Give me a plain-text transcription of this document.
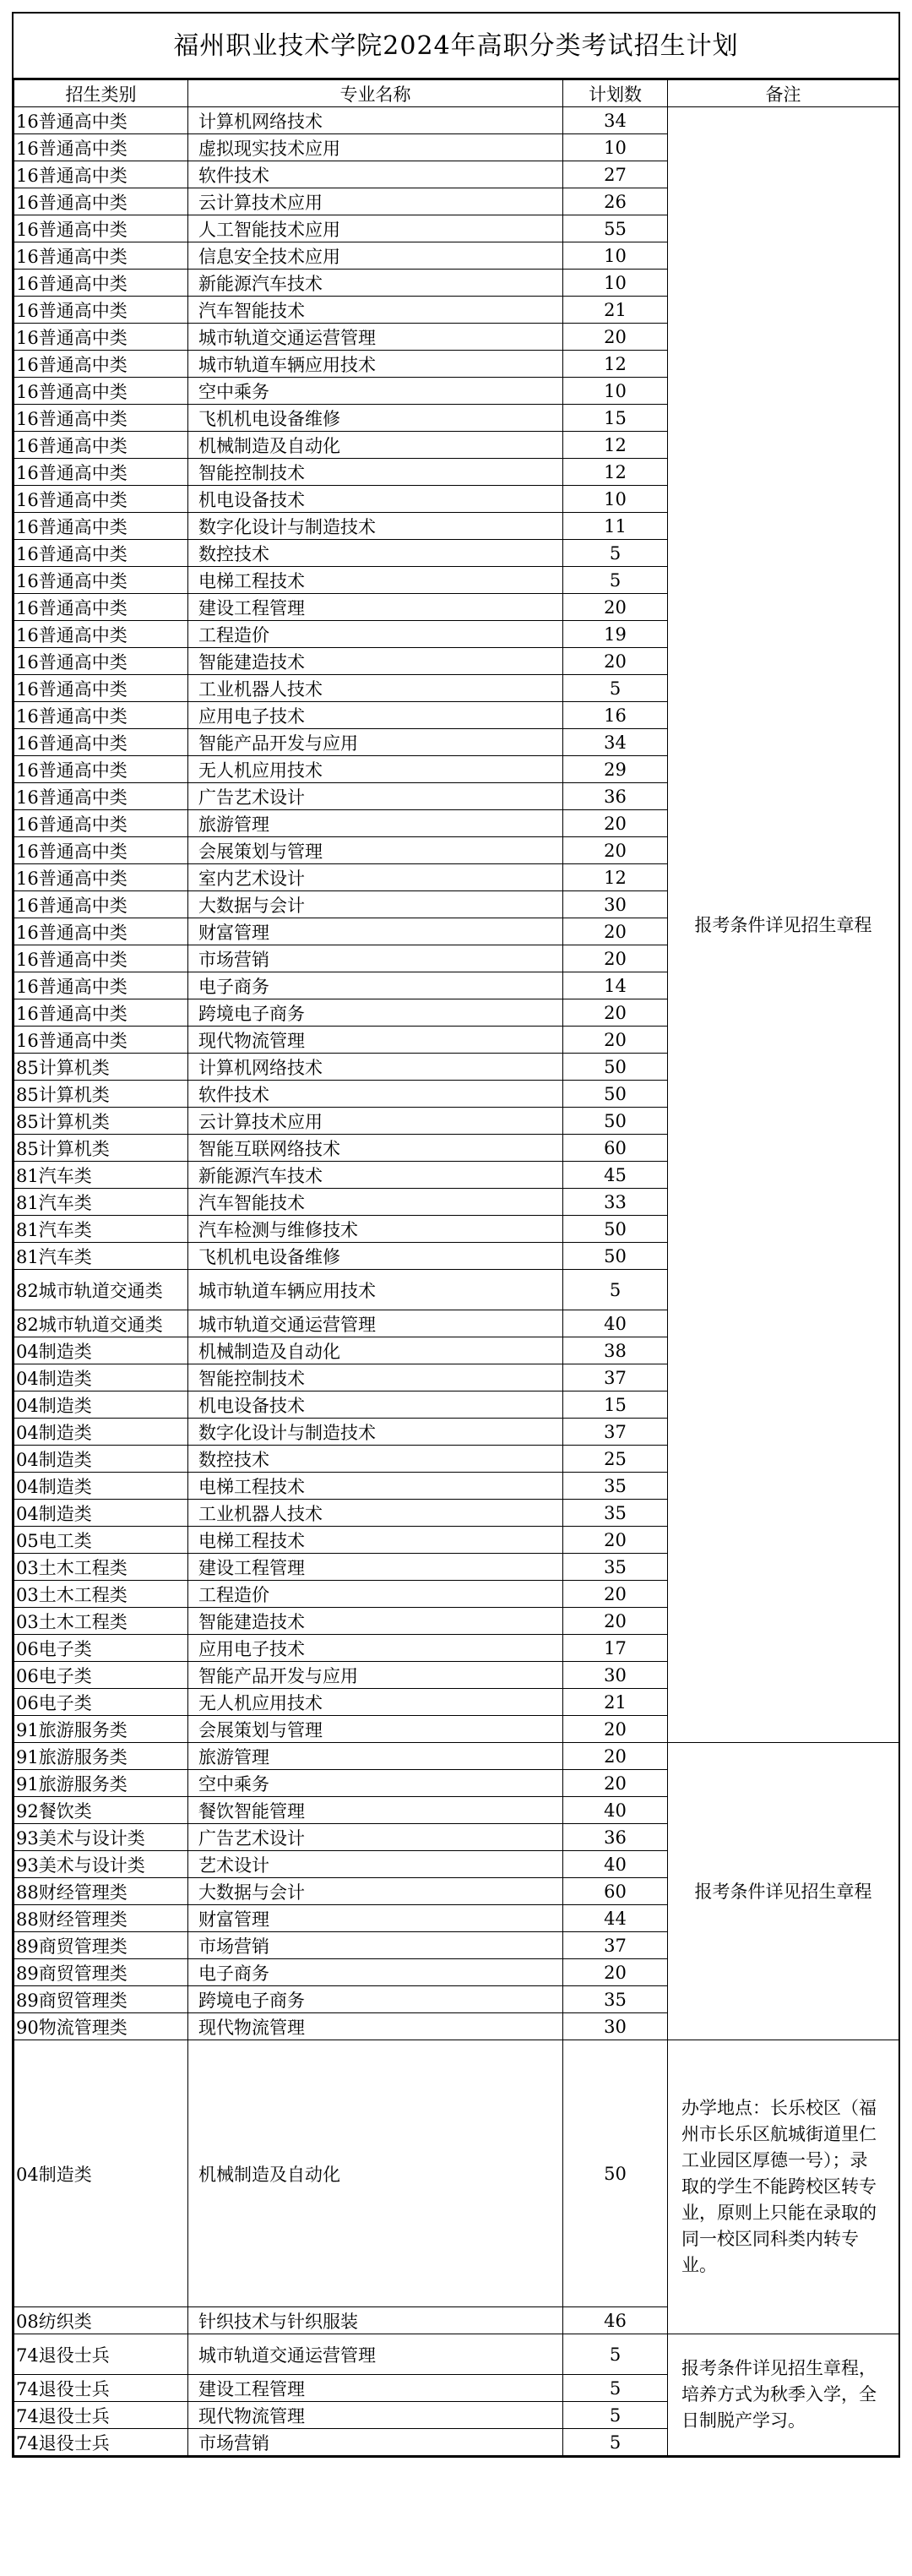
福州职业技术学院2024年高职分类考试招生计划
招生类别	专业名称	计划数	备注
16普通高中类	计算机网络技术	34	报考条件详见招生章程
16普通高中类	虚拟现实技术应用	10	
16普通高中类	软件技术	27	
16普通高中类	云计算技术应用	26	
16普通高中类	人工智能技术应用	55	
16普通高中类	信息安全技术应用	10	
16普通高中类	新能源汽车技术	10	
16普通高中类	汽车智能技术	21	
16普通高中类	城市轨道交通运营管理	20	
16普通高中类	城市轨道车辆应用技术	12	
16普通高中类	空中乘务	10	
16普通高中类	飞机机电设备维修	15	
16普通高中类	机械制造及自动化	12	
16普通高中类	智能控制技术	12	
16普通高中类	机电设备技术	10	
16普通高中类	数字化设计与制造技术	11	
16普通高中类	数控技术	5	
16普通高中类	电梯工程技术	5	
16普通高中类	建设工程管理	20	
16普通高中类	工程造价	19	
16普通高中类	智能建造技术	20	
16普通高中类	工业机器人技术	5	
16普通高中类	应用电子技术	16	
16普通高中类	智能产品开发与应用	34	
16普通高中类	无人机应用技术	29	
16普通高中类	广告艺术设计	36	
16普通高中类	旅游管理	20	
16普通高中类	会展策划与管理	20	
16普通高中类	室内艺术设计	12	
16普通高中类	大数据与会计	30	
16普通高中类	财富管理	20	
16普通高中类	市场营销	20	
16普通高中类	电子商务	14	
16普通高中类	跨境电子商务	20	
16普通高中类	现代物流管理	20	
85计算机类	计算机网络技术	50	
85计算机类	软件技术	50	
85计算机类	云计算技术应用	50	
85计算机类	智能互联网络技术	60	
81汽车类	新能源汽车技术	45	
81汽车类	汽车智能技术	33	
81汽车类	汽车检测与维修技术	50	
81汽车类	飞机机电设备维修	50	
82城市轨道交通类	城市轨道车辆应用技术	5	
82城市轨道交通类	城市轨道交通运营管理	40	
04制造类	机械制造及自动化	38	
04制造类	智能控制技术	37	
04制造类	机电设备技术	15	
04制造类	数字化设计与制造技术	37	
04制造类	数控技术	25	
04制造类	电梯工程技术	35	
04制造类	工业机器人技术	35	
05电工类	电梯工程技术	20	
03土木工程类	建设工程管理	35	
03土木工程类	工程造价	20	
03土木工程类	智能建造技术	20	
06电子类	应用电子技术	17	
06电子类	智能产品开发与应用	30	
06电子类	无人机应用技术	21	
91旅游服务类	会展策划与管理	20	
91旅游服务类	旅游管理	20	报考条件详见招生章程
91旅游服务类	空中乘务	20	
92餐饮类	餐饮智能管理	40	
93美术与设计类	广告艺术设计	36	
93美术与设计类	艺术设计	40	
88财经管理类	大数据与会计	60	
88财经管理类	财富管理	44	
89商贸管理类	市场营销	37	
89商贸管理类	电子商务	20	
89商贸管理类	跨境电子商务	35	
90物流管理类	现代物流管理	30	
04制造类	机械制造及自动化	50	办学地点：长乐校区（福州市长乐区航城街道里仁工业园区厚德一号）；录取的学生不能跨校区转专业，原则上只能在录取的同一校区同科类内转专业。
08纺织类	针织技术与针织服装	46	
74退役士兵	城市轨道交通运营管理	5	报考条件详见招生章程，培养方式为秋季入学，全日制脱产学习。
74退役士兵	建设工程管理	5	
74退役士兵	现代物流管理	5	
74退役士兵	市场营销	5	
